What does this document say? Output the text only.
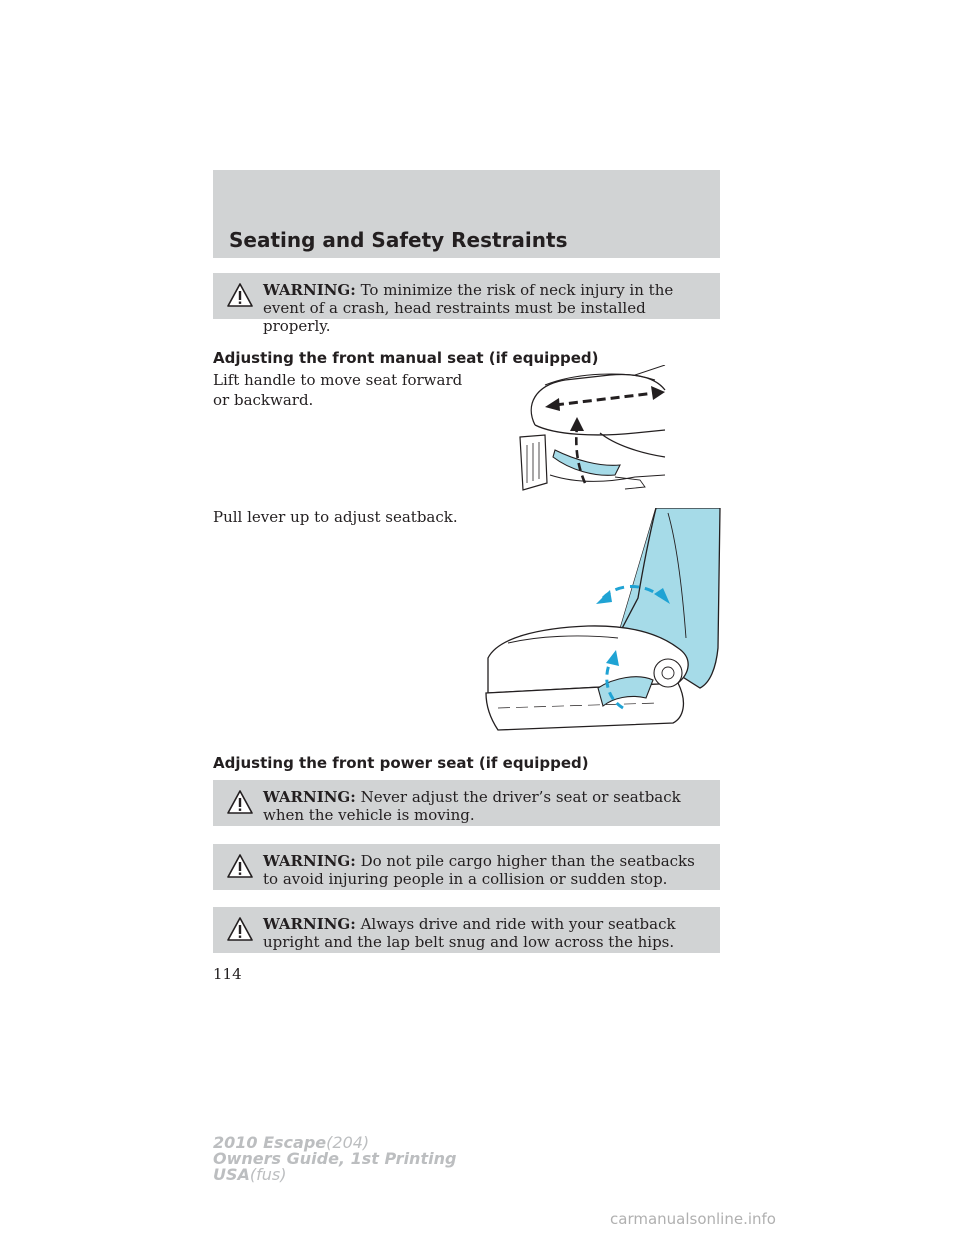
Seating and Safety Restraints
WARNING: To minimize the risk of neck injury in the event of a crash, head restraints must be installed properly.
Adjusting the front manual seat (if equipped)

Lift handle to move seat forward or backward.

Pull lever up to adjust seatback.

Adjusting the front power seat (if equipped)
WARNING: Never adjust the driver’s seat or seatback when the vehicle is moving.
WARNING: Do not pile cargo higher than the seatbacks to avoid injuring people in a collision or sudden stop.
WARNING: Always drive and ride with your seatback upright and the lap belt snug and low across the hips.

114

2010 Escape(204)
Owners Guide, 1st Printing
USA(fus)
carmanualsonline.info
